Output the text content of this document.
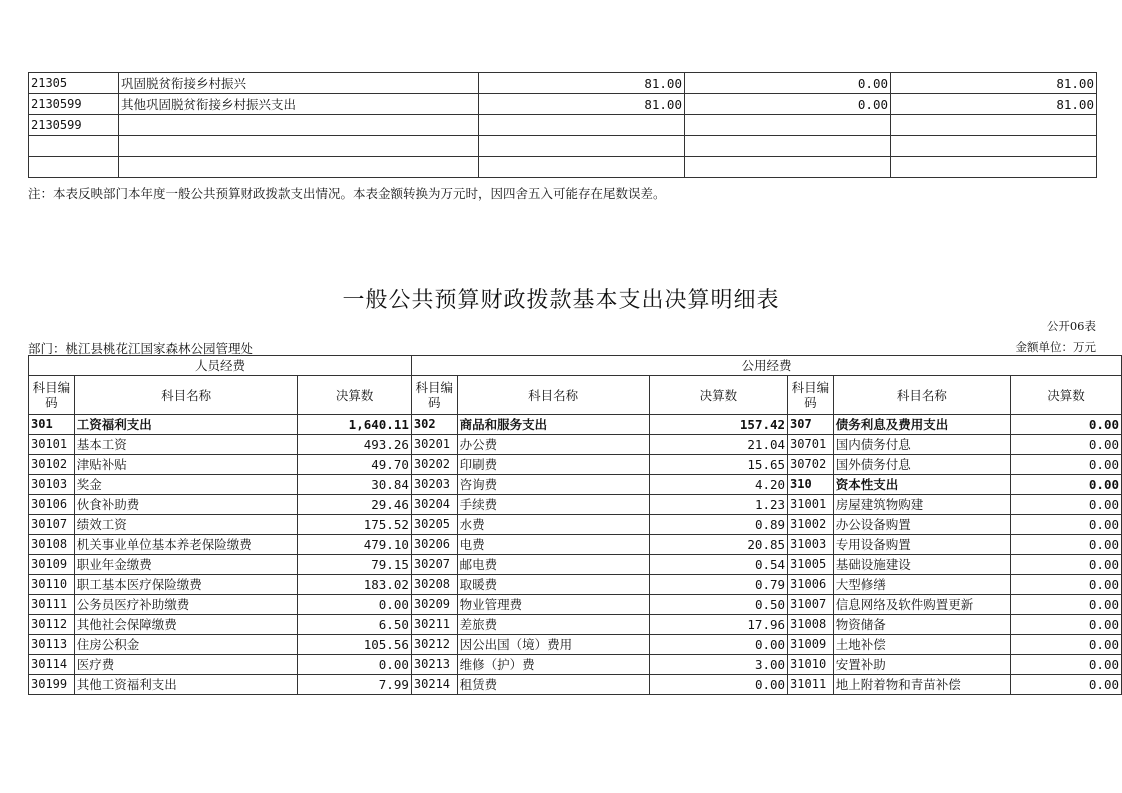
21305	巩固脱贫衔接乡村振兴	81.00	0.00	81.00
2130599	其他巩固脱贫衔接乡村振兴支出	81.00	0.00	81.00
2130599				

注：本表反映部门本年度一般公共预算财政拨款支出情况。本表金额转换为万元时，因四舍五入可能存在尾数误差。
一般公共预算财政拨款基本支出决算明细表
公开06表
部门：桃江县桃花江国家森林公园管理处	金额单位：万元
人员经费			公用经费					
科目编码	科目名称	决算数	科目编码	科目名称	决算数	科目编码	科目名称	决算数
301	工资福利支出	1,640.11	302	商品和服务支出	157.42	307	债务利息及费用支出	0.00
30101	基本工资	493.26	30201	办公费	21.04	30701	国内债务付息	0.00
30102	津贴补贴	49.70	30202	印刷费	15.65	30702	国外债务付息	0.00
30103	奖金	30.84	30203	咨询费	4.20	310	资本性支出	0.00
30106	伙食补助费	29.46	30204	手续费	1.23	31001	房屋建筑物购建	0.00
30107	绩效工资	175.52	30205	水费	0.89	31002	办公设备购置	0.00
30108	机关事业单位基本养老保险缴费	479.10	30206	电费	20.85	31003	专用设备购置	0.00
30109	职业年金缴费	79.15	30207	邮电费	0.54	31005	基础设施建设	0.00
30110	职工基本医疗保险缴费	183.02	30208	取暖费	0.79	31006	大型修缮	0.00
30111	公务员医疗补助缴费	0.00	30209	物业管理费	0.50	31007	信息网络及软件购置更新	0.00
30112	其他社会保障缴费	6.50	30211	差旅费	17.96	31008	物资储备	0.00
30113	住房公积金	105.56	30212	因公出国（境）费用	0.00	31009	土地补偿	0.00
30114	医疗费	0.00	30213	维修（护）费	3.00	31010	安置补助	0.00
30199	其他工资福利支出	7.99	30214	租赁费	0.00	31011	地上附着物和青苗补偿	0.00
